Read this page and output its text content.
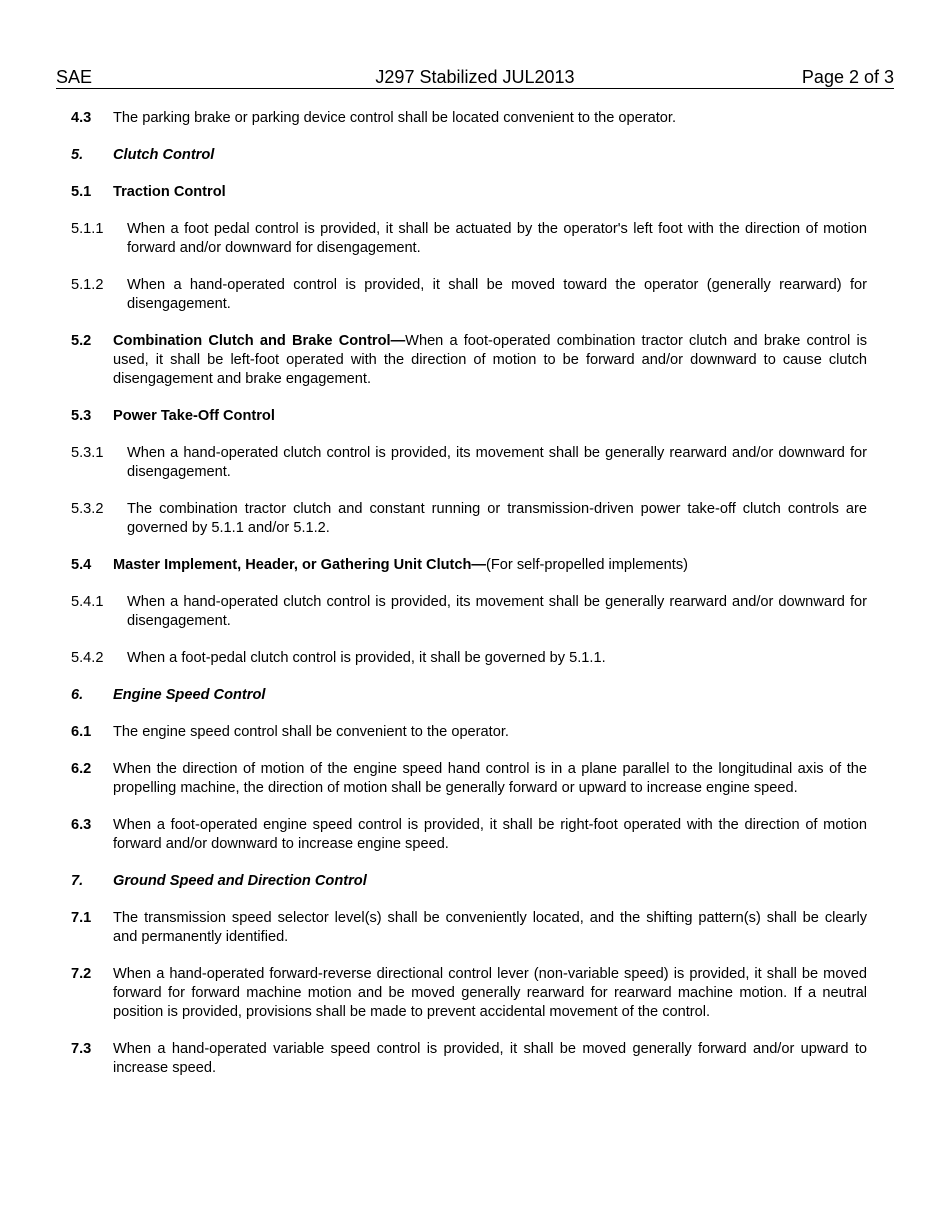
J297 Stabilized JUL2013
SAE	Page 2 of 3
4.3 The parking brake or parking device control shall be located convenient to the operator.
5. Clutch Control
5.1 Traction Control
5.1.1 When a foot pedal control is provided, it shall be actuated by the operator's left foot with the direction of motion forward and/or downward for disengagement.
5.1.2 When a hand-operated control is provided, it shall be moved toward the operator (generally rearward) for disengagement.
5.2 Combination Clutch and Brake Control—When a foot-operated combination tractor clutch and brake control is used, it shall be left-foot operated with the direction of motion to be forward and/or downward to cause clutch disengagement and brake engagement.
5.3 Power Take-Off Control
5.3.1 When a hand-operated clutch control is provided, its movement shall be generally rearward and/or downward for disengagement.
5.3.2 The combination tractor clutch and constant running or transmission-driven power take-off clutch controls are governed by 5.1.1 and/or 5.1.2.
5.4 Master Implement, Header, or Gathering Unit Clutch—(For self-propelled implements)
5.4.1 When a hand-operated clutch control is provided, its movement shall be generally rearward and/or downward for disengagement.
5.4.2 When a foot-pedal clutch control is provided, it shall be governed by 5.1.1.
6. Engine Speed Control
6.1 The engine speed control shall be convenient to the operator.
6.2 When the direction of motion of the engine speed hand control is in a plane parallel to the longitudinal axis of the propelling machine, the direction of motion shall be generally forward or upward to increase engine speed.
6.3 When a foot-operated engine speed control is provided, it shall be right-foot operated with the direction of motion forward and/or downward to increase engine speed.
7. Ground Speed and Direction Control
7.1 The transmission speed selector level(s) shall be conveniently located, and the shifting pattern(s) shall be clearly and permanently identified.
7.2 When a hand-operated forward-reverse directional control lever (non-variable speed) is provided, it shall be moved forward for forward machine motion and be moved generally rearward for rearward machine motion. If a neutral position is provided, provisions shall be made to prevent accidental movement of the control.
7.3 When a hand-operated variable speed control is provided, it shall be moved generally forward and/or upward to increase speed.
